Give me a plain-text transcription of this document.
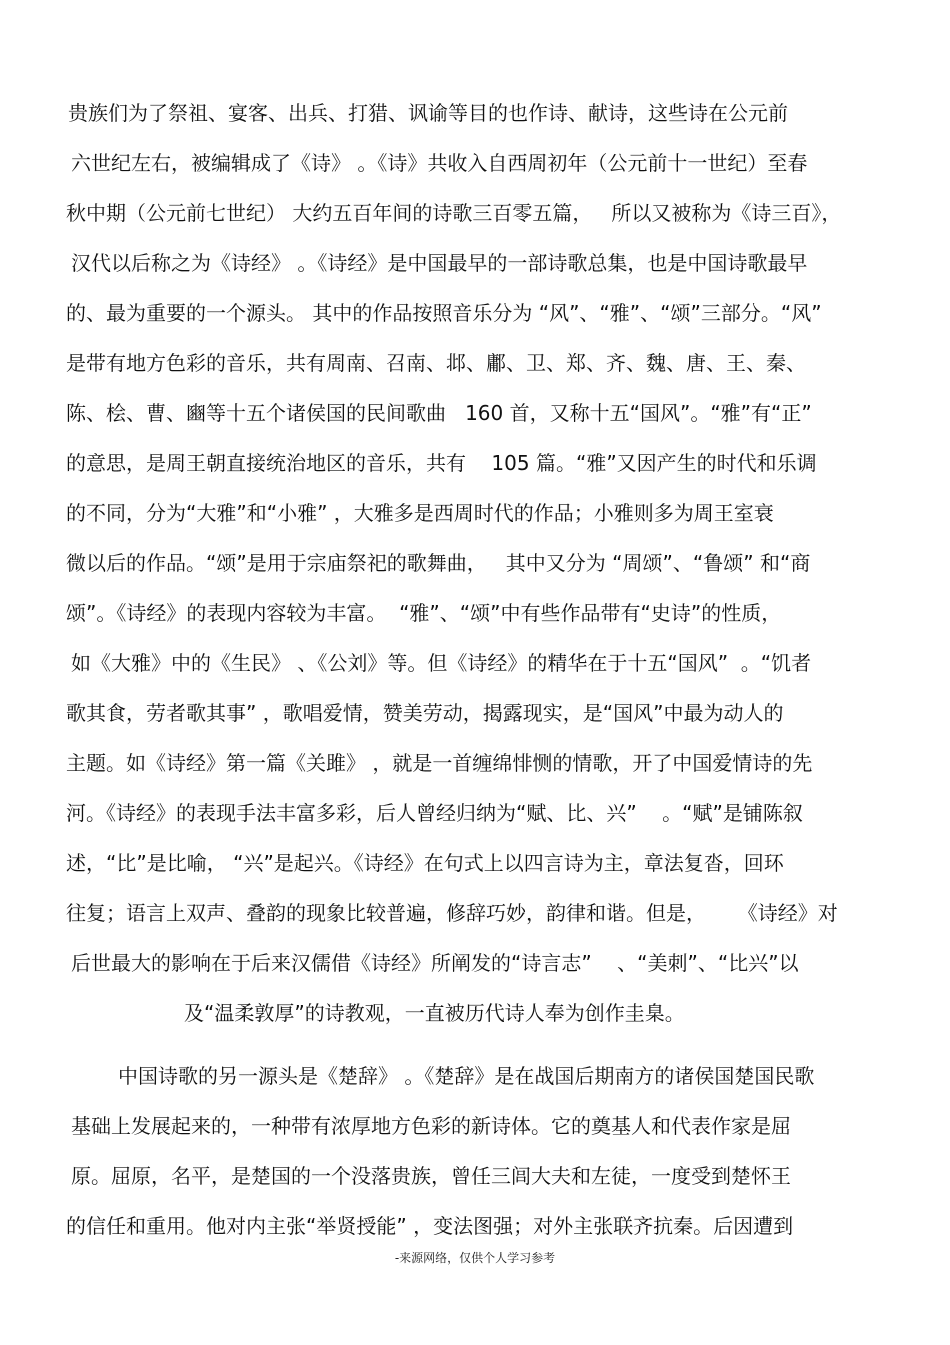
贵族们为了祭祖、宴客、出兵、打猎、讽谕等目的也作诗、献诗，这些诗在公元前
六世纪左右，被编辑成了《诗》 。《诗》共收入自西周初年（公元前十一世纪）至春
秋中期（公元前七世纪） 大约五百年间的诗歌三百零五篇，   所以又被称为《诗三百》，
汉代以后称之为《诗经》 。《诗经》是中国最早的一部诗歌总集，也是中国诗歌最早
的、最为重要的一个源头。 其中的作品按照音乐分为 “风”、“雅”、“颂”三部分。“风”
是带有地方色彩的音乐，共有周南、召南、邶、鄘、卫、郑、齐、魏、唐、王、秦、
陈、桧、曹、豳等十五个诸侯国的民间歌曲   160 首，又称十五“国风”。“雅”有“正”
的意思，是周王朝直接统治地区的音乐，共有    105 篇。“雅”又因产生的时代和乐调
的不同，分为“大雅”和“小雅” ，大雅多是西周时代的作品；小雅则多为周王室衰
微以后的作品。“颂”是用于宗庙祭祀的歌舞曲，   其中又分为 “周颂”、“鲁颂” 和“商
颂”。《诗经》的表现内容较为丰富。  “雅”、“颂”中有些作品带有“史诗”的性质，
如《大雅》中的《生民》 、《公刘》等。但《诗经》的精华在于十五“国风”  。“饥者
歌其食，劳者歌其事” ，歌唱爱情，赞美劳动，揭露现实，是“国风”中最为动人的
主题。如《诗经》第一篇《关雎》 ，就是一首缠绵悱恻的情歌，开了中国爱情诗的先
河。《诗经》的表现手法丰富多彩，后人曾经归纳为“赋、比、兴”    。“赋”是铺陈叙
述，“比”是比喻， “兴”是起兴。《诗经》在句式上以四言诗为主，章法复沓，回环
往复；语言上双声、叠韵的现象比较普遍，修辞巧妙，韵律和谐。但是，     《诗经》对
后世最大的影响在于后来汉儒借《诗经》所阐发的“诗言志”    、“美刺”、“比兴”以
及“温柔敦厚”的诗教观，一直被历代诗人奉为创作圭臬。
中国诗歌的另一源头是《楚辞》 。《楚辞》是在战国后期南方的诸侯国楚国民歌
基础上发展起来的，一种带有浓厚地方色彩的新诗体。它的奠基人和代表作家是屈
原。屈原，名平，是楚国的一个没落贵族，曾任三闾大夫和左徒，一度受到楚怀王
的信任和重用。他对内主张“举贤授能” ，变法图强；对外主张联齐抗秦。后因遭到
-来源网络，仅供个人学习参考
